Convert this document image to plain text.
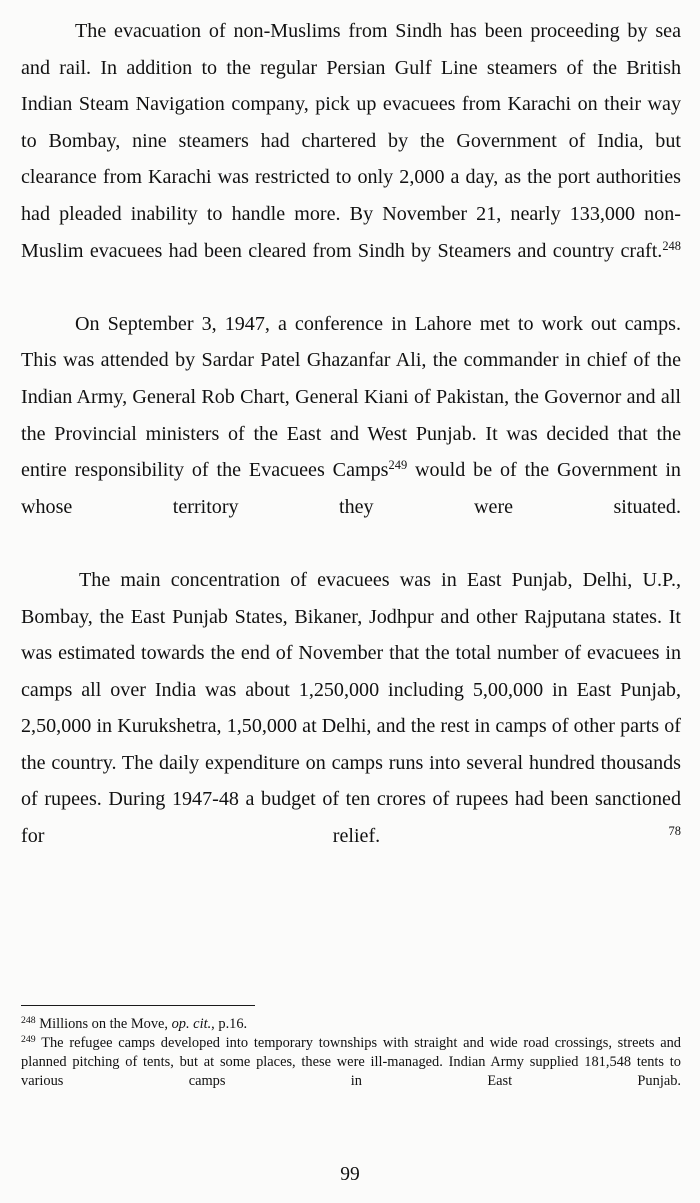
The evacuation of non-Muslims from Sindh has been proceeding by sea and rail. In addition to the regular Persian Gulf Line steamers of the British Indian Steam Navigation company, pick up evacuees from Karachi on their way to Bombay, nine steamers had chartered by the Government of India, but clearance from Karachi was restricted to only 2,000 a day, as the port authorities had pleaded inability to handle more. By November 21, nearly 133,000 non-Muslim evacuees had been cleared from Sindh by Steamers and country craft.$^{248}$

On September 3, 1947, a conference in Lahore met to work out camps. This was attended by Sardar Patel Ghazanfar Ali, the commander in chief of the Indian Army, General Rob Chart, General Kiani of Pakistan, the Governor and all the Provincial ministers of the East and West Punjab. It was decided that the entire responsibility of the Evacuees Camps$^{249}$ would be of the Government in whose territory they were situated.

The main concentration of evacuees was in East Punjab, Delhi, U.P., Bombay, the East Punjab States, Bikaner, Jodhpur and other Rajputana states. It was estimated towards the end of November that the total number of evacuees in camps all over India was about 1,250,000 including 5,00,000 in East Punjab, 2,50,000 in Kurukshetra, 1,50,000 at Delhi, and the rest in camps of other parts of the country. The daily expenditure on camps runs into several hundred thousands of rupees. During 1947-48 a budget of ten crores of rupees had been sanctioned for relief. $^{78}$

$^{248}$ Millions on the Move, op. cit., p.16.

$^{249}$ The refugee camps developed into temporary townships with straight and wide road crossings, streets and planned pitching of tents, but at some places, these were ill-managed. Indian Army supplied 181,548 tents to various camps in East Punjab.

99
